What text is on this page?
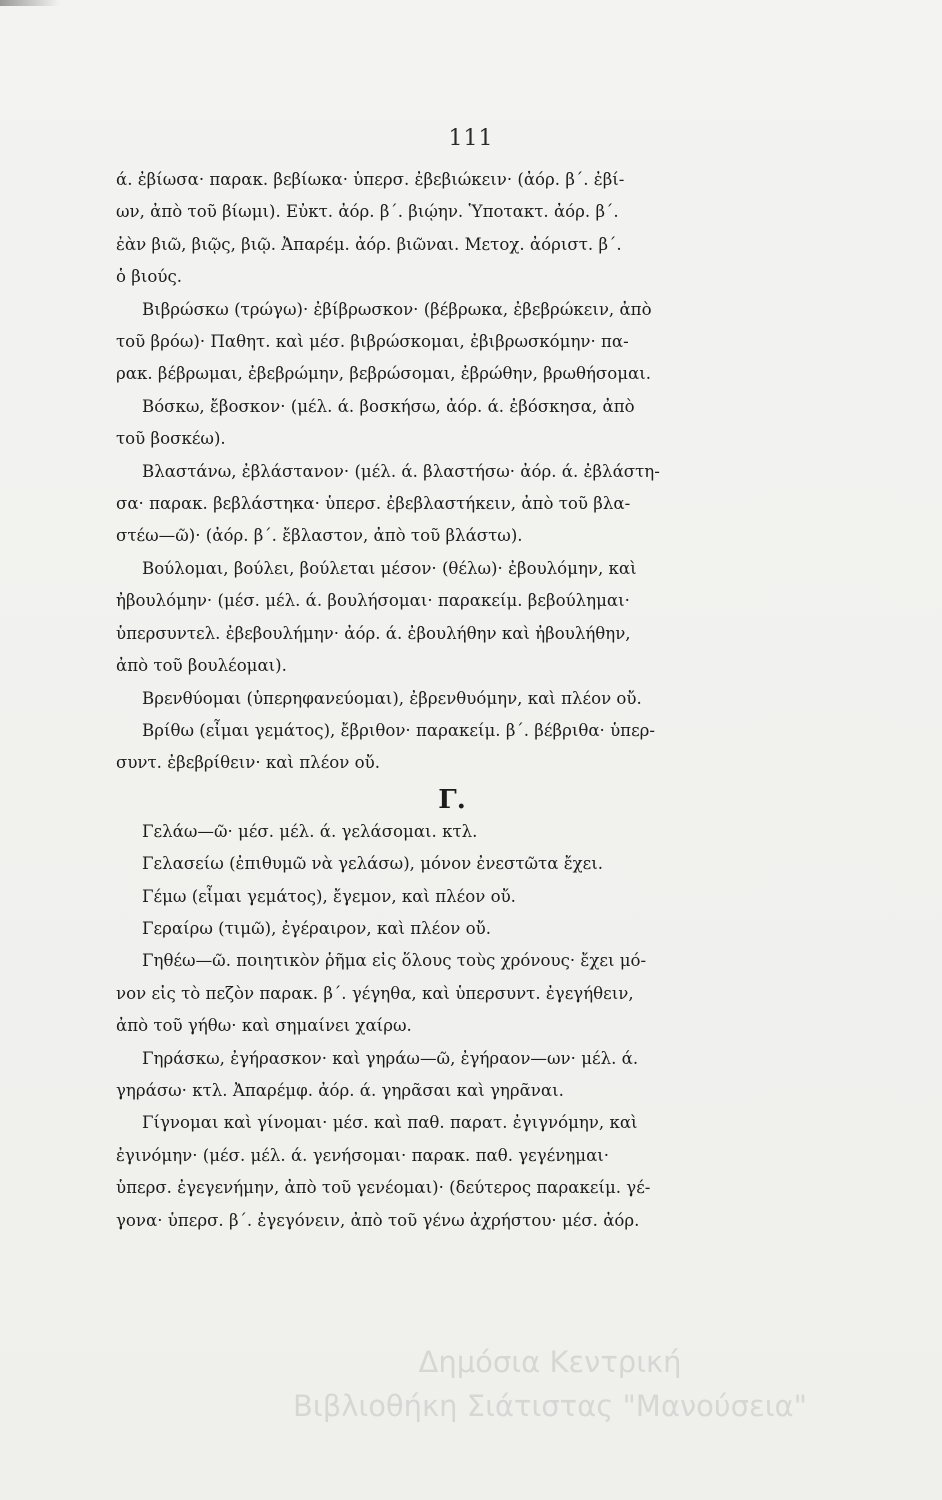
111
ά. ἐβίωσα· παρακ. βεβίωκα· ὑπερσ. ἐβεβιώκειν· (ἀόρ. β΄. ἐβί-
ων, ἀπὸ τοῦ βίωμι). Εὐκτ. ἀόρ. β΄. βιῴην. Ὑποτακτ. ἀόρ. β΄.
ἐὰν βιῶ, βιῷς, βιῷ. Ἀπαρέμ. ἀόρ. βιῶναι. Μετοχ. ἀόριστ. β΄.
ὁ βιούς.
Βιβρώσκω (τρώγω)· ἐβίβρωσκον· (βέβρωκα, ἐβεβρώκειν, ἀπὸ
τοῦ βρόω)· Παθητ. καὶ μέσ. βιβρώσκομαι, ἐβιβρωσκόμην· πα-
ρακ. βέβρωμαι, ἐβεβρώμην, βεβρώσομαι, ἐβρώθην, βρωθήσομαι.
Βόσκω, ἔβοσκον· (μέλ. ά. βοσκήσω, ἀόρ. ά. ἐβόσκησα, ἀπὸ
τοῦ βοσκέω).
Βλαστάνω, ἐβλάστανον· (μέλ. ά. βλαστήσω· ἀόρ. ά. ἐβλάστη-
σα· παρακ. βεβλάστηκα· ὑπερσ. ἐβεβλαστήκειν, ἀπὸ τοῦ βλα-
στέω—ῶ)· (ἀόρ. β΄. ἔβλαστον, ἀπὸ τοῦ βλάστω).
Βούλομαι, βούλει, βούλεται μέσον· (θέλω)· ἐβουλόμην, καὶ
ἠβουλόμην· (μέσ. μέλ. ά. βουλήσομαι· παρακείμ. βεβούλημαι·
ὑπερσυντελ. ἐβεβουλήμην· ἀόρ. ά. ἐβουλήθην καὶ ἠβουλήθην,
ἀπὸ τοῦ βουλέομαι).
Βρενθύομαι (ὑπερηφανεύομαι), ἐβρενθυόμην, καὶ πλέον οὔ.
Βρίθω (εἶμαι γεμάτος), ἔβριθον· παρακείμ. β΄. βέβριθα· ὑπερ-
συντ. ἐβεβρίθειν· καὶ πλέον οὔ.
Γ.
Γελάω—ῶ· μέσ. μέλ. ά. γελάσομαι. κτλ.
Γελασείω (ἐπιθυμῶ νὰ γελάσω), μόνον ἐνεστῶτα ἔχει.
Γέμω (εἶμαι γεμάτος), ἔγεμον, καὶ πλέον οὔ.
Γεραίρω (τιμῶ), ἐγέραιρον, καὶ πλέον οὔ.
Γηθέω—ῶ. ποιητικὸν ῥῆμα εἰς ὅλους τοὺς χρόνους· ἔχει μό-
νον εἰς τὸ πεζὸν παρακ. β΄. γέγηθα, καὶ ὑπερσυντ. ἐγεγήθειν,
ἀπὸ τοῦ γήθω· καὶ σημαίνει χαίρω.
Γηράσκω, ἐγήρασκον· καὶ γηράω—ῶ, ἐγήραον—ων· μέλ. ά.
γηράσω· κτλ. Ἀπαρέμφ. ἀόρ. ά. γηρᾶσαι καὶ γηρᾶναι.
Γίγνομαι καὶ γίνομαι· μέσ. καὶ παθ. παρατ. ἐγιγνόμην, καὶ
ἐγινόμην· (μέσ. μέλ. ά. γενήσομαι· παρακ. παθ. γεγένημαι·
ὑπερσ. ἐγεγενήμην, ἀπὸ τοῦ γενέομαι)· (δεύτερος παρακείμ. γέ-
γονα· ὑπερσ. β΄. ἐγεγόνειν, ἀπὸ τοῦ γένω ἀχρήστου· μέσ. ἀόρ.
Δημόσια Κεντρική
Βιβλιοθήκη Σιάτιστας "Μανούσεια"
